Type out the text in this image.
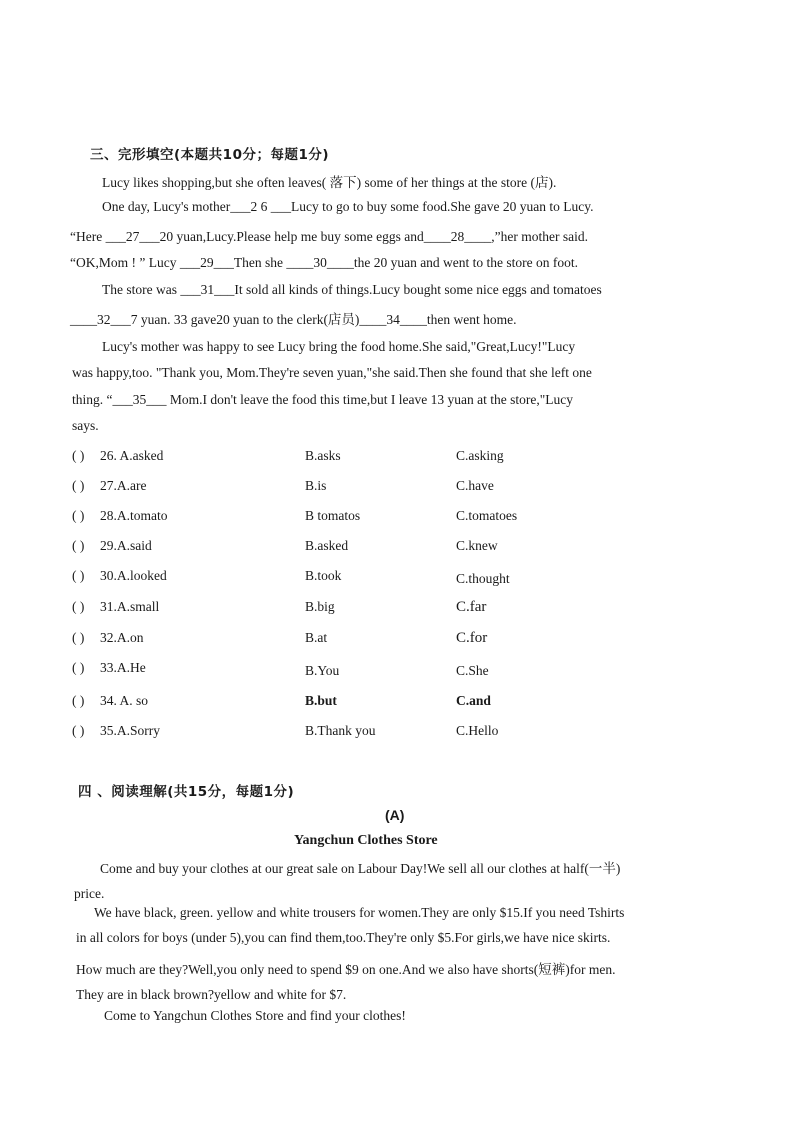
三、完形填空(本题共10分；每题1分)
Lucy likes shopping,but she often leaves( 落下) some of her things at the store (店).
One day, Lucy's mother___2 6 ___Lucy to go to buy some food.She gave 20 yuan to Lucy.
“Here ___27___20 yuan,Lucy.Please help me buy some eggs and____28____,”her mother said.
“OK,Mom ! ” Lucy ___29___Then she ____30____the 20 yuan and went to the store on foot.
The store was ___31___It sold all kinds of things.Lucy bought some nice eggs and tomatoes
____32___7 yuan. 33 gave20 yuan to the clerk(店员)____34____then went home.
Lucy's mother was happy to see Lucy bring the food home.She said,"Great,Lucy!"Lucy
was happy,too. "Thank you, Mom.They're seven yuan,"she said.Then she found that she left one
thing. “___35___ Mom.I don't leave the food this time,but I leave 13 yuan at the store,"Lucy
says.
( ) 26. A.asked	B.asks	C.asking
( ) 27.A.are	B.is	C.have
( ) 28.A.tomato	B tomatos	C.tomatoes
( ) 29.A.said	B.asked	C.knew
( ) 30.A.looked	B.took	C.thought
( ) 31.A.small	B.big	C.far
( ) 32.A.on	B.at	C.for
( ) 33.A.He	B.You	C.She
( ) 34. A. so	B.but	C.and
( ) 35.A.Sorry	B.Thank you	C.Hello
四 、阅读理解(共15分，每题1分)
(A)
Yangchun Clothes Store
Come and buy your clothes at our great sale on Labour Day!We sell all our clothes at half(一半)
price.
We have black, green. yellow and white trousers for women.They are only $15.If you need Tshirts
in all colors for boys (under 5),you can find them,too.They're only $5.For girls,we have nice skirts.
How much are they?Well,you only need to spend $9 on one.And we also have shorts(短裤)for men.
They are in black brown?yellow and white for $7.
Come to Yangchun Clothes Store and find your clothes!
